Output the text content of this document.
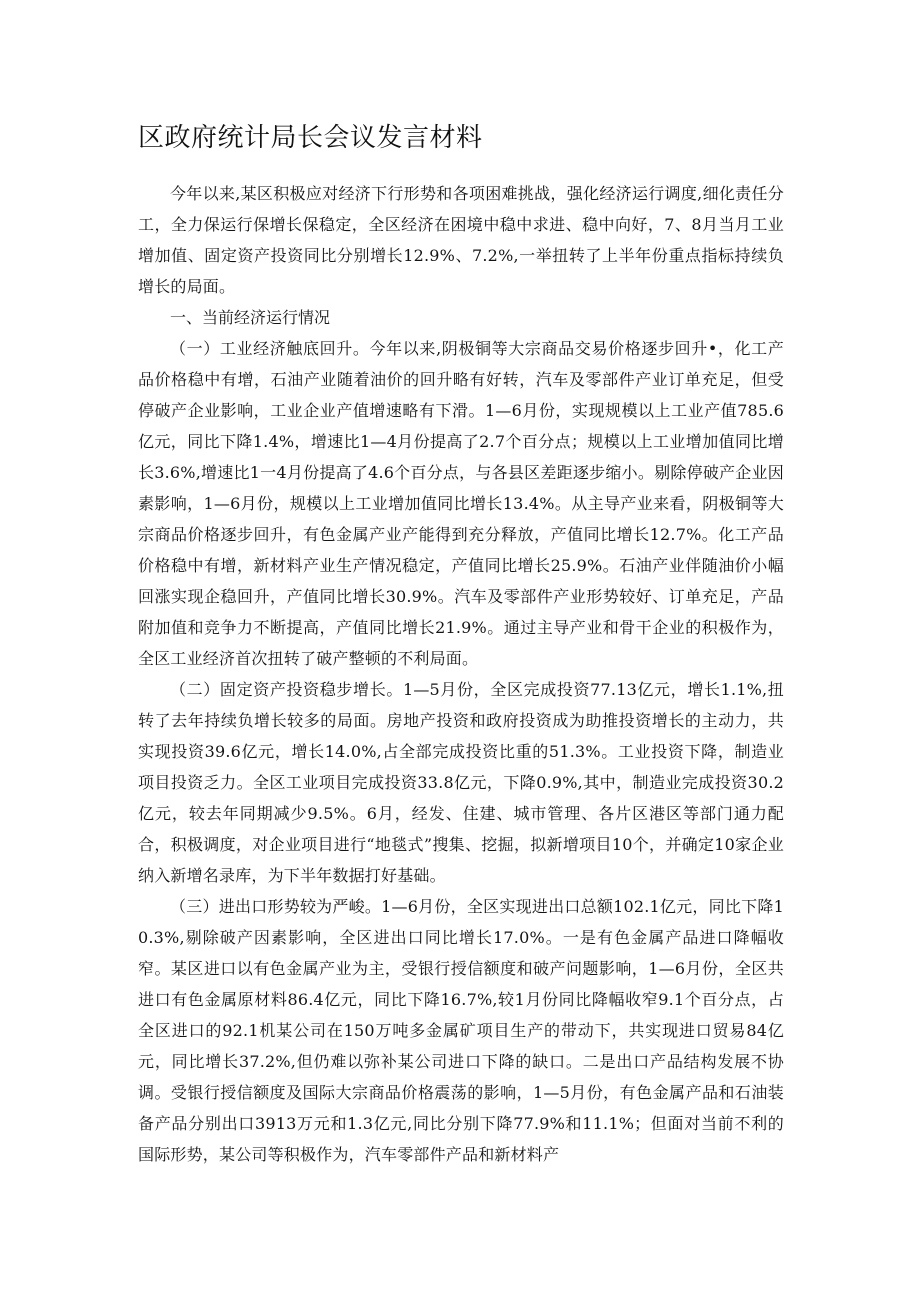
区政府统计局长会议发言材料

今年以来,某区积极应对经济下行形势和各项困难挑战，强化经济运行调度,细化责任分工，全力保运行保增长保稳定，全区经济在困境中稳中求进、稳中向好，7、8月当月工业增加值、固定资产投资同比分别增长12.9%、7.2%,一举扭转了上半年份重点指标持续负增长的局面。

一、当前经济运行情况

（一）工业经济触底回升。今年以来,阴极铜等大宗商品交易价格逐步回升•，化工产品价格稳中有增，石油产业随着油价的回升略有好转，汽车及零部件产业订单充足，但受停破产企业影响，工业企业产值增速略有下滑。1—6月份，实现规模以上工业产值785.6亿元，同比下降1.4%，增速比1—4月份提高了2.7个百分点；规模以上工业增加值同比增长3.6%,增速比1一4月份提高了4.6个百分点，与各县区差距逐步缩小。剔除停破产企业因素影响，1—6月份，规模以上工业增加值同比增长13.4%。从主导产业来看，阴极铜等大宗商品价格逐步回升，有色金属产业产能得到充分释放，产值同比增长12.7%。化工产品价格稳中有增，新材料产业生产情况稳定，产值同比增长25.9%。石油产业伴随油价小幅回涨实现企稳回升，产值同比增长30.9%。汽车及零部件产业形势较好、订单充足，产品附加值和竞争力不断提高，产值同比增长21.9%。通过主导产业和骨干企业的积极作为，全区工业经济首次扭转了破产整顿的不利局面。

（二）固定资产投资稳步增长。1—5月份，全区完成投资77.13亿元，增长1.1%,扭转了去年持续负增长较多的局面。房地产投资和政府投资成为助推投资增长的主动力，共实现投资39.6亿元，增长14.0%,占全部完成投资比重的51.3%。工业投资下降，制造业项目投资乏力。全区工业项目完成投资33.8亿元，下降0.9%,其中，制造业完成投资30.2亿元，较去年同期减少9.5%。6月，经发、住建、城市管理、各片区港区等部门通力配合，积极调度，对企业项目进行“地毯式”搜集、挖掘，拟新增项目10个，并确定10家企业纳入新增名录库，为下半年数据打好基础。

（三）进出口形势较为严峻。1—6月份，全区实现进出口总额102.1亿元，同比下降10.3%,剔除破产因素影响，全区进出口同比增长17.0%。一是有色金属产品进口降幅收窄。某区进口以有色金属产业为主，受银行授信额度和破产问题影响，1—6月份，全区共进口有色金属原材料86.4亿元，同比下降16.7%,较1月份同比降幅收窄9.1个百分点，占全区进口的92.1机某公司在150万吨多金属矿项目生产的带动下，共实现进口贸易84亿元，同比增长37.2%,但仍难以弥补某公司进口下降的缺口。二是出口产品结构发展不协调。受银行授信额度及国际大宗商品价格震荡的影响，1—5月份，有色金属产品和石油装备产品分别出口3913万元和1.3亿元,同比分别下降77.9%和11.1%；但面对当前不利的国际形势，某公司等积极作为，汽车零部件产品和新材料产
